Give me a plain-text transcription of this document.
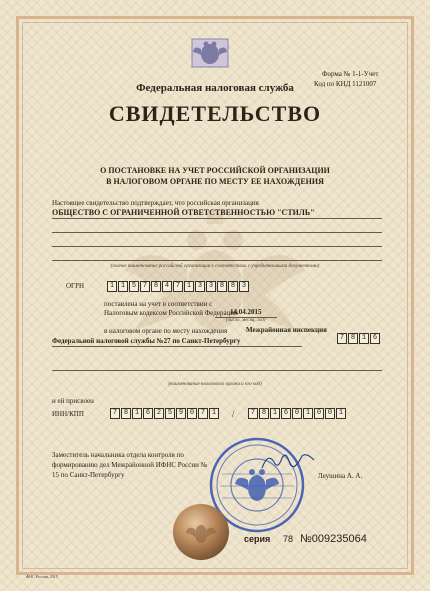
Форма № 1-1-Учет
Код по КНД 1121007
Федеральная налоговая служба
СВИДЕТЕЛЬСТВО
О ПОСТАНОВКЕ НА УЧЕТ РОССИЙСКОЙ ОРГАНИЗАЦИИ
В НАЛОГОВОМ ОРГАНЕ ПО МЕСТУ ЕЕ НАХОЖДЕНИЯ
Настоящее свидетельство подтверждает, что российская организация
ОБЩЕСТВО С ОГРАНИЧЕННОЙ ОТВЕТСТВЕННОСТЬЮ "СТИЛЬ"
(полное наименование российской организации в соответствии с учредительными документами)
ОГРН	1 1 5 7 8 4 7 1 3 3 8 8 3
поставлена на учет в соответствии с
Налоговым кодексом Российской Федерации
14.04.2015
(число, месяц, год)
в налоговом органе по месту нахождения	Межрайонная инспекция
Федеральной налоговой службы №27 по Санкт-Петербургу	7 8 1 6
(наименование налогового органа и его код)
и ей присвоен
ИНН/КПП	7 8 1 6 2 5 9 0 7 1	/	7 8 1 6 0 1 0 0 1
Заместитель начальника отдела контроля по
формированию дел Межрайонной ИФНС России №
15 по Санкт-Петербургу	Леушина А. А.
серия 78 №009235064
ФНС России, 2015
